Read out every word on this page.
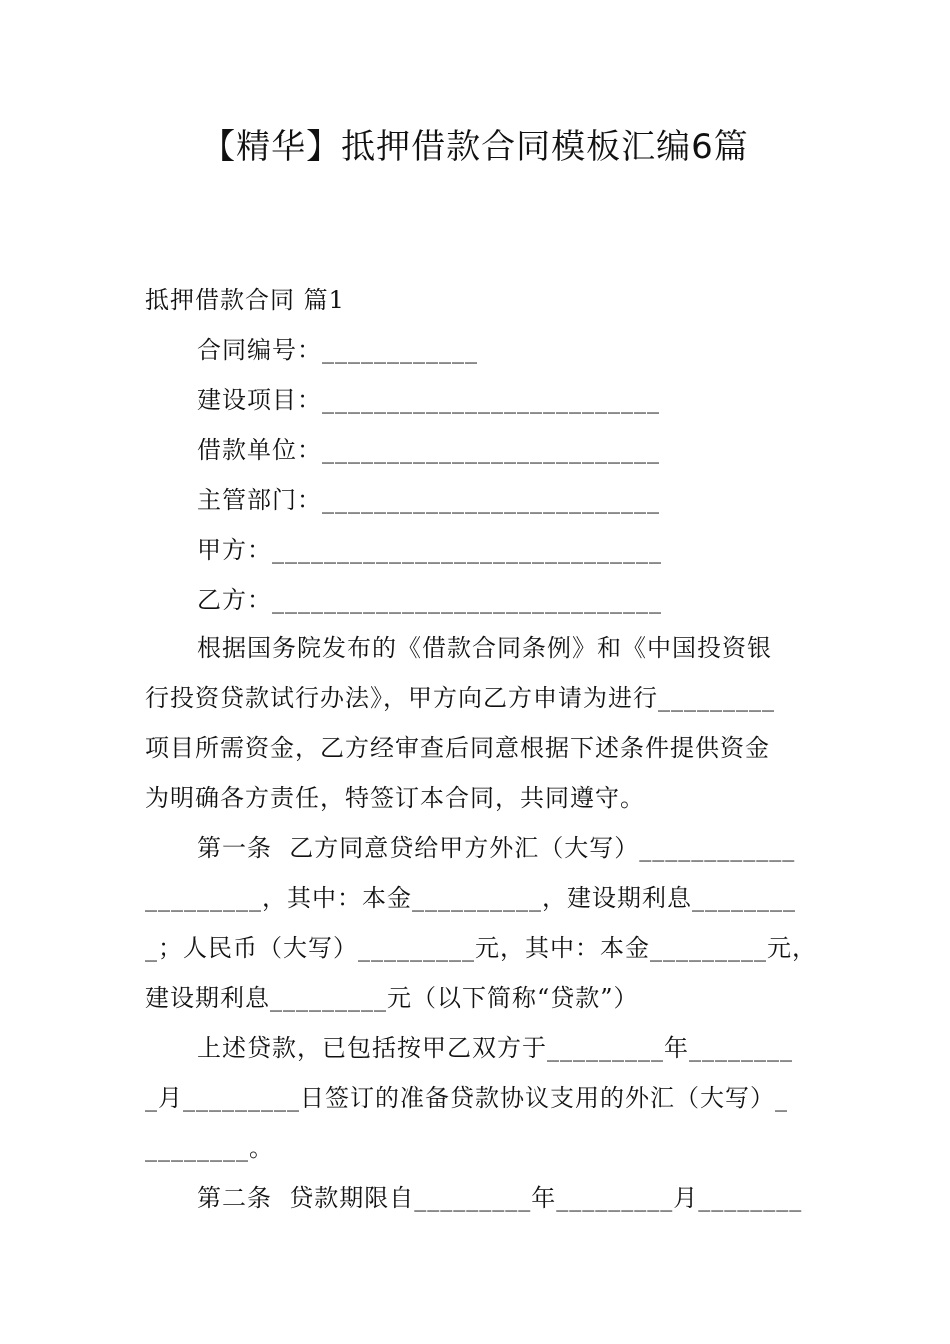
【精华】抵押借款合同模板汇编6篇
抵押借款合同 篇1
合同编号：____________
建设项目：__________________________
借款单位：__________________________
主管部门：__________________________
甲方：______________________________
乙方：______________________________
根据国务院发布的《借款合同条例》和《中国投资银
行投资贷款试行办法》，甲方向乙方申请为进行_________
项目所需资金，乙方经审查后同意根据下述条件提供资金
为明确各方责任，特签订本合同，共同遵守。
第一条  乙方同意贷给甲方外汇（大写）____________
_________，其中：本金__________，建设期利息________
_；人民币（大写）_________元，其中：本金_________元，
建设期利息_________元（以下简称“贷款”）
上述贷款，已包括按甲乙双方于_________年________
_月_________日签订的准备贷款协议支用的外汇（大写）_
________。
第二条  贷款期限自_________年_________月________
